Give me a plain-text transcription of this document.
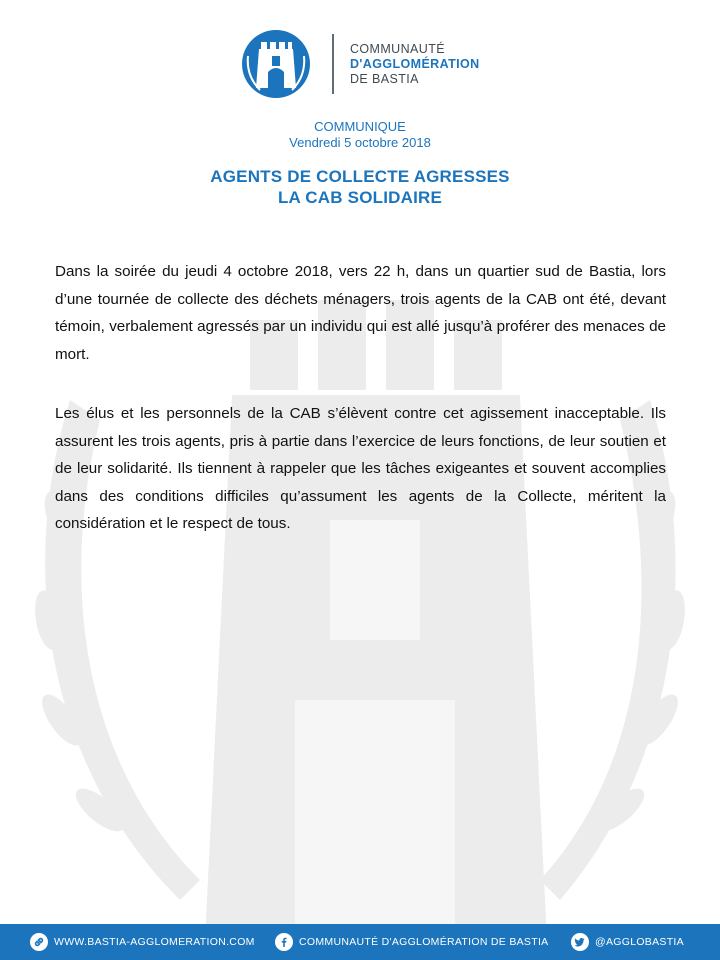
COMMUNAUTÉ
D'AGGLOMÉRATION
DE BASTIA
COMMUNIQUE
Vendredi 5 octobre 2018
AGENTS DE COLLECTE AGRESSES
LA CAB SOLIDAIRE

Dans la soirée du jeudi 4 octobre 2018, vers 22 h, dans un quartier sud de Bastia, lors d’une tournée de collecte des déchets ménagers, trois agents de la CAB ont été, devant témoin, verbalement agressés par un individu qui est allé jusqu’à proférer des menaces de mort.

Les élus et les personnels de la CAB s’élèvent contre cet agissement inacceptable. Ils assurent les trois agents, pris à partie dans l’exercice de leurs fonctions, de leur soutien et de leur solidarité. Ils tiennent à rappeler que les tâches exigeantes et souvent accomplies dans des conditions difficiles qu’assument les agents de la Collecte, méritent la considération et le respect de tous.

WWW.BASTIA-AGGLOMERATION.COM	COMMUNAUTÉ D'AGGLOMÉRATION DE BASTIA	@AGGLOBASTIA
